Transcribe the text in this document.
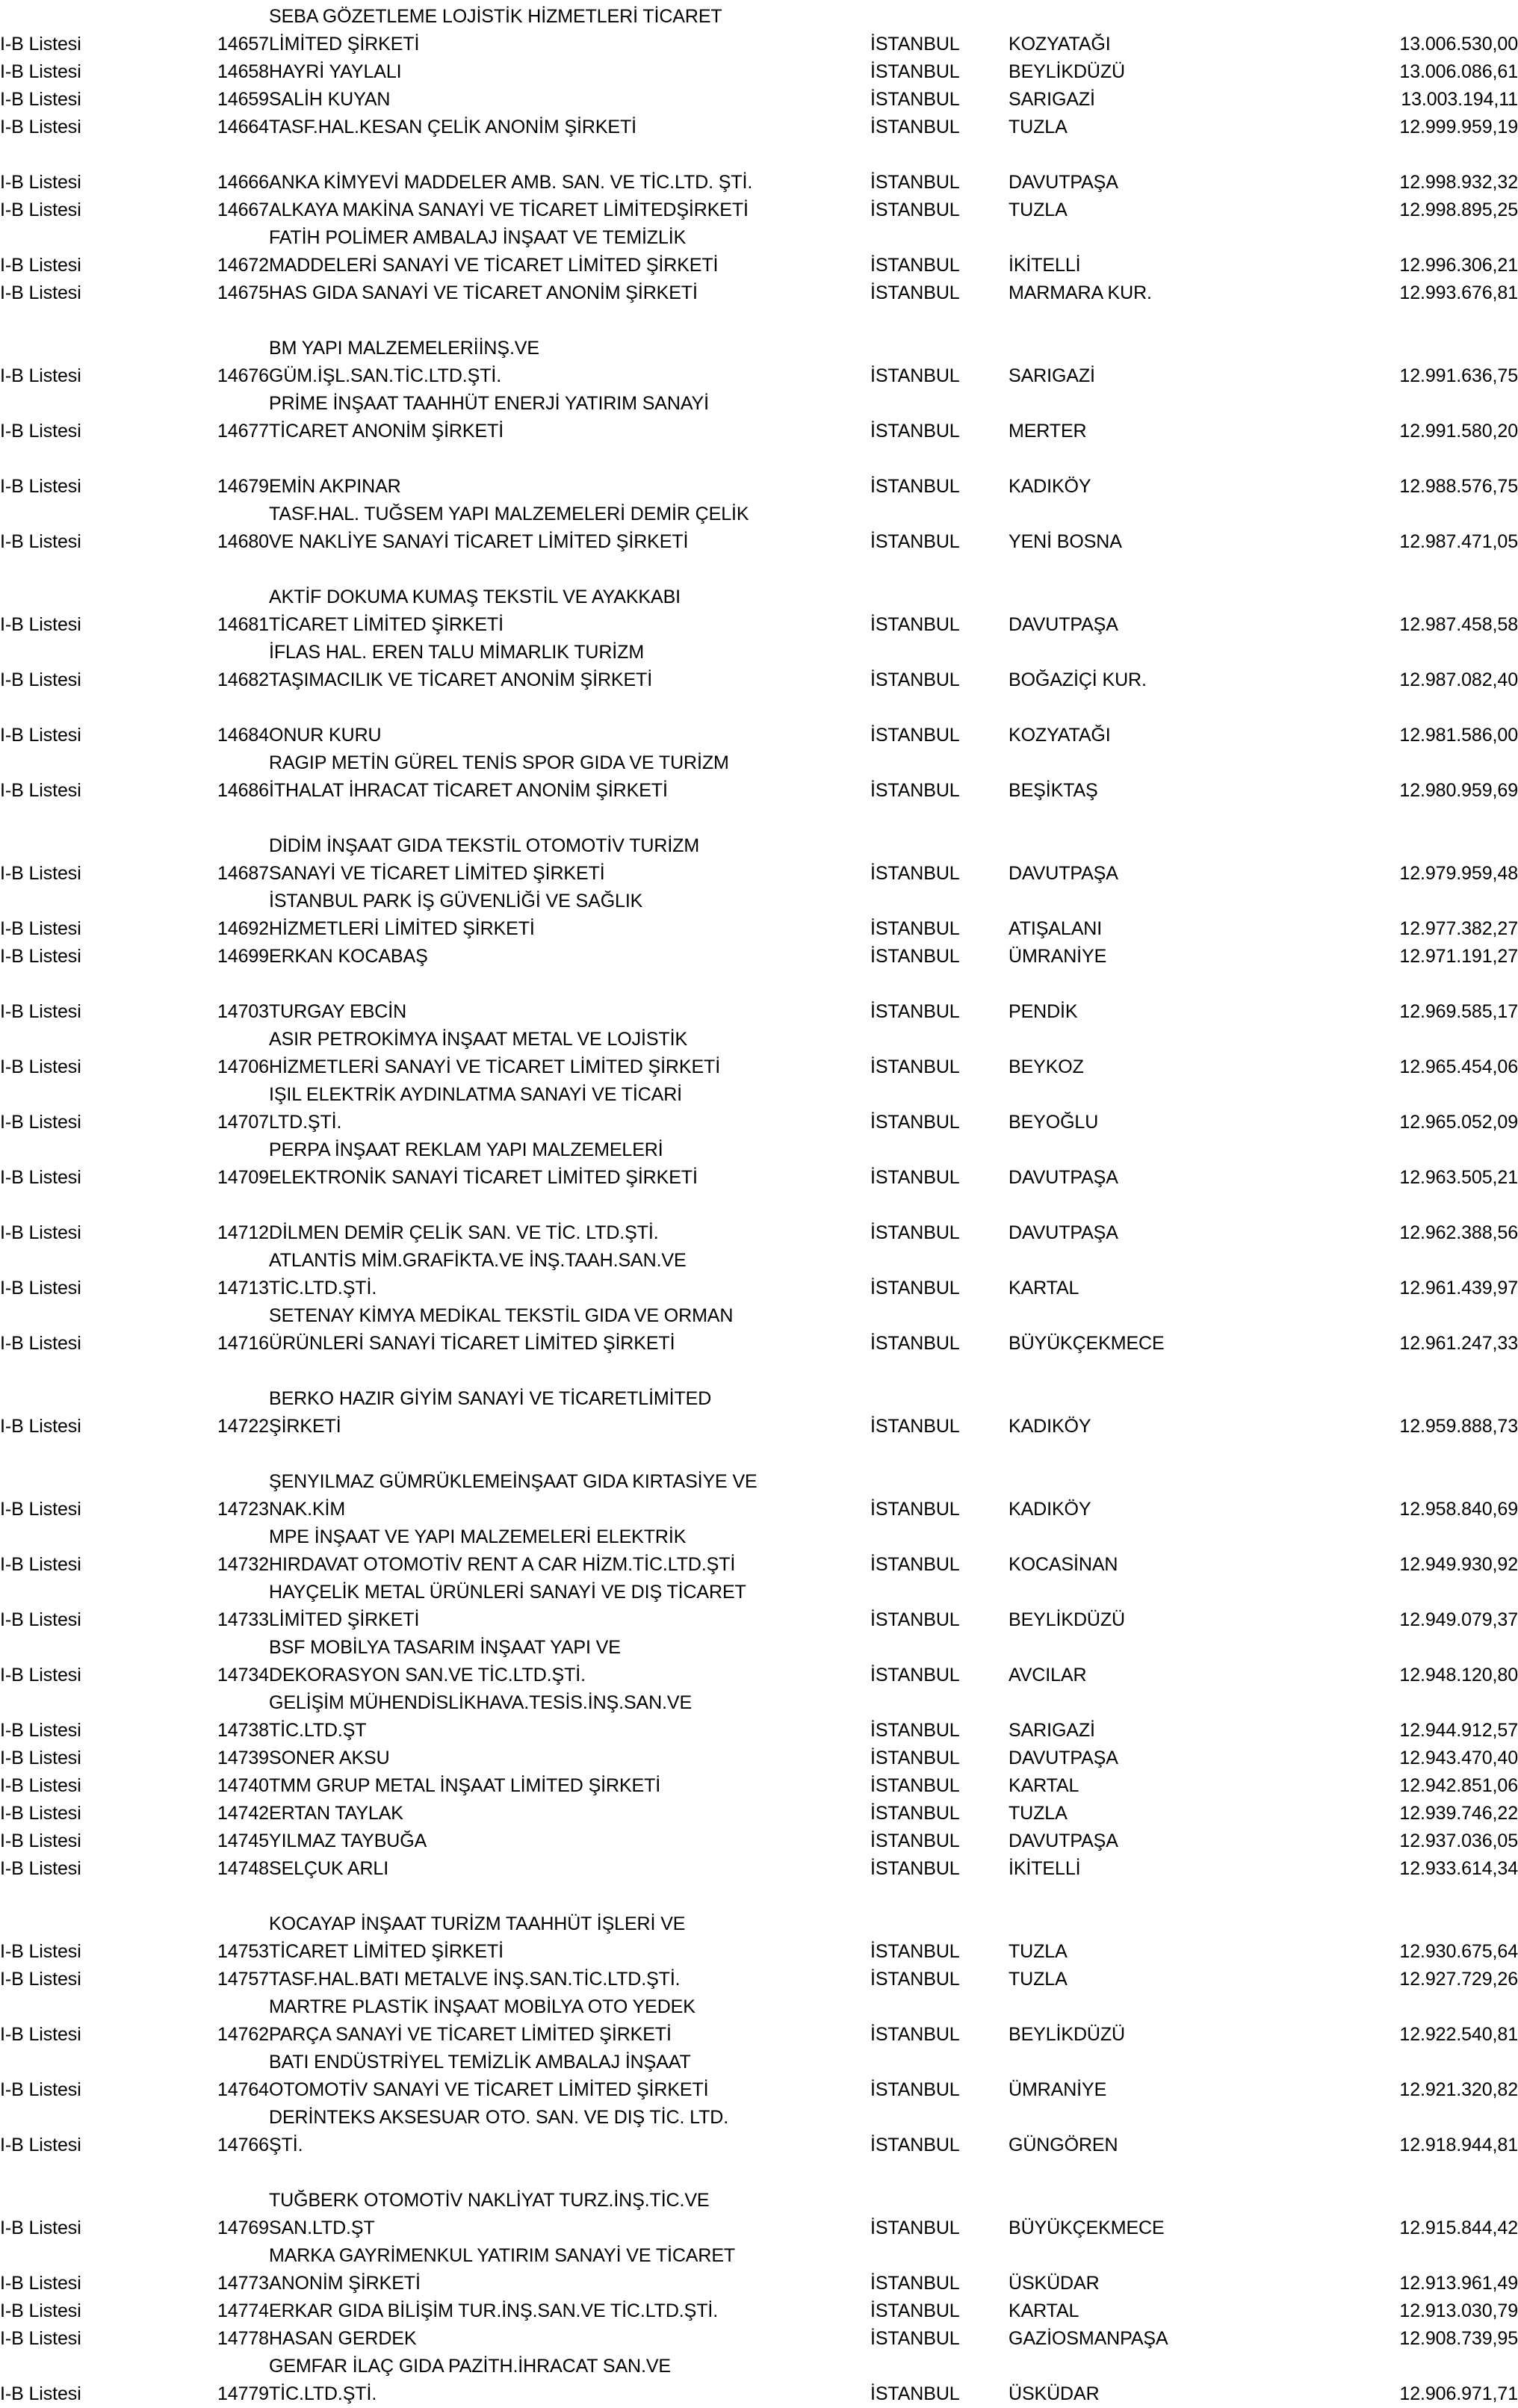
		SEBA GÖZETLEME LOJİSTİK HİZMETLERİ TİCARET			
I-B Listesi	14657	LİMİTED ŞİRKETİ	İSTANBUL	KOZYATAĞI	13.006.530,00
I-B Listesi	14658	HAYRİ YAYLALI	İSTANBUL	BEYLİKDÜZÜ	13.006.086,61
I-B Listesi	14659	SALİH KUYAN	İSTANBUL	SARIGAZİ	13.003.194,11
I-B Listesi	14664	TASF.HAL.KESAN ÇELİK ANONİM ŞİRKETİ	İSTANBUL	TUZLA	12.999.959,19

I-B Listesi	14666	ANKA KİMYEVİ MADDELER AMB. SAN. VE TİC.LTD. ŞTİ.	İSTANBUL	DAVUTPAŞA	12.998.932,32
I-B Listesi	14667	ALKAYA MAKİNA SANAYİ VE TİCARET LİMİTEDŞİRKETİ	İSTANBUL	TUZLA	12.998.895,25
		FATİH POLİMER AMBALAJ İNŞAAT VE TEMİZLİK			
I-B Listesi	14672	MADDELERİ SANAYİ VE TİCARET LİMİTED ŞİRKETİ	İSTANBUL	İKİTELLİ	12.996.306,21
I-B Listesi	14675	HAS GIDA SANAYİ VE TİCARET ANONİM ŞİRKETİ	İSTANBUL	MARMARA KUR.	12.993.676,81

		BM YAPI MALZEMELERİİNŞ.VE			
I-B Listesi	14676	GÜM.İŞL.SAN.TİC.LTD.ŞTİ.	İSTANBUL	SARIGAZİ	12.991.636,75
		PRİME İNŞAAT TAAHHÜT ENERJİ YATIRIM SANAYİ			
I-B Listesi	14677	TİCARET ANONİM ŞİRKETİ	İSTANBUL	MERTER	12.991.580,20

I-B Listesi	14679	EMİN AKPINAR	İSTANBUL	KADIKÖY	12.988.576,75
		TASF.HAL. TUĞSEM YAPI MALZEMELERİ DEMİR ÇELİK			
I-B Listesi	14680	VE NAKLİYE SANAYİ TİCARET LİMİTED ŞİRKETİ	İSTANBUL	YENİ BOSNA	12.987.471,05

		AKTİF DOKUMA KUMAŞ TEKSTİL VE AYAKKABI			
I-B Listesi	14681	TİCARET LİMİTED ŞİRKETİ	İSTANBUL	DAVUTPAŞA	12.987.458,58
		İFLAS HAL. EREN TALU MİMARLIK TURİZM			
I-B Listesi	14682	TAŞIMACILIK VE TİCARET ANONİM ŞİRKETİ	İSTANBUL	BOĞAZİÇİ KUR.	12.987.082,40

I-B Listesi	14684	ONUR KURU	İSTANBUL	KOZYATAĞI	12.981.586,00
		RAGIP METİN GÜREL TENİS SPOR GIDA VE TURİZM			
I-B Listesi	14686	İTHALAT İHRACAT TİCARET ANONİM ŞİRKETİ	İSTANBUL	BEŞİKTAŞ	12.980.959,69

		DİDİM İNŞAAT GIDA TEKSTİL OTOMOTİV TURİZM			
I-B Listesi	14687	SANAYİ VE TİCARET LİMİTED ŞİRKETİ	İSTANBUL	DAVUTPAŞA	12.979.959,48
		İSTANBUL PARK İŞ GÜVENLİĞİ VE SAĞLIK			
I-B Listesi	14692	HİZMETLERİ LİMİTED ŞİRKETİ	İSTANBUL	ATIŞALANI	12.977.382,27
I-B Listesi	14699	ERKAN KOCABAŞ	İSTANBUL	ÜMRANİYE	12.971.191,27

I-B Listesi	14703	TURGAY EBCİN	İSTANBUL	PENDİK	12.969.585,17
		ASIR PETROKİMYA İNŞAAT METAL VE LOJİSTİK			
I-B Listesi	14706	HİZMETLERİ SANAYİ VE TİCARET LİMİTED ŞİRKETİ	İSTANBUL	BEYKOZ	12.965.454,06
		IŞIL ELEKTRİK AYDINLATMA SANAYİ VE TİCARİ			
I-B Listesi	14707	LTD.ŞTİ.	İSTANBUL	BEYOĞLU	12.965.052,09
		PERPA İNŞAAT REKLAM YAPI MALZEMELERİ			
I-B Listesi	14709	ELEKTRONİK SANAYİ TİCARET LİMİTED ŞİRKETİ	İSTANBUL	DAVUTPAŞA	12.963.505,21

I-B Listesi	14712	DİLMEN DEMİR ÇELİK SAN. VE TİC. LTD.ŞTİ.	İSTANBUL	DAVUTPAŞA	12.962.388,56
		ATLANTİS MİM.GRAFİKTA.VE İNŞ.TAAH.SAN.VE			
I-B Listesi	14713	TİC.LTD.ŞTİ.	İSTANBUL	KARTAL	12.961.439,97
		SETENAY KİMYA MEDİKAL TEKSTİL GIDA VE ORMAN			
I-B Listesi	14716	ÜRÜNLERİ SANAYİ TİCARET LİMİTED ŞİRKETİ	İSTANBUL	BÜYÜKÇEKMECE	12.961.247,33

		BERKO HAZIR GİYİM SANAYİ VE TİCARETLİMİTED			
I-B Listesi	14722	ŞİRKETİ	İSTANBUL	KADIKÖY	12.959.888,73

		ŞENYILMAZ GÜMRÜKLEMEİNŞAAT GIDA KIRTASİYE VE			
I-B Listesi	14723	NAK.KİM	İSTANBUL	KADIKÖY	12.958.840,69
		MPE İNŞAAT VE YAPI MALZEMELERİ ELEKTRİK			
I-B Listesi	14732	HIRDAVAT OTOMOTİV RENT A CAR HİZM.TİC.LTD.ŞTİ	İSTANBUL	KOCASİNAN	12.949.930,92
		HAYÇELİK METAL ÜRÜNLERİ SANAYİ VE DIŞ TİCARET			
I-B Listesi	14733	LİMİTED ŞİRKETİ	İSTANBUL	BEYLİKDÜZÜ	12.949.079,37
		BSF MOBİLYA TASARIM İNŞAAT YAPI VE			
I-B Listesi	14734	DEKORASYON SAN.VE TİC.LTD.ŞTİ.	İSTANBUL	AVCILAR	12.948.120,80
		GELİŞİM MÜHENDİSLİKHAVA.TESİS.İNŞ.SAN.VE			
I-B Listesi	14738	TİC.LTD.ŞT	İSTANBUL	SARIGAZİ	12.944.912,57
I-B Listesi	14739	SONER AKSU	İSTANBUL	DAVUTPAŞA	12.943.470,40
I-B Listesi	14740	TMM GRUP METAL İNŞAAT LİMİTED ŞİRKETİ	İSTANBUL	KARTAL	12.942.851,06
I-B Listesi	14742	ERTAN TAYLAK	İSTANBUL	TUZLA	12.939.746,22
I-B Listesi	14745	YILMAZ TAYBUĞA	İSTANBUL	DAVUTPAŞA	12.937.036,05
I-B Listesi	14748	SELÇUK ARLI	İSTANBUL	İKİTELLİ	12.933.614,34

		KOCAYAP İNŞAAT TURİZM TAAHHÜT İŞLERİ VE			
I-B Listesi	14753	TİCARET LİMİTED ŞİRKETİ	İSTANBUL	TUZLA	12.930.675,64
I-B Listesi	14757	TASF.HAL.BATI METALVE İNŞ.SAN.TİC.LTD.ŞTİ.	İSTANBUL	TUZLA	12.927.729,26
		MARTRE PLASTİK İNŞAAT MOBİLYA OTO YEDEK			
I-B Listesi	14762	PARÇA SANAYİ VE TİCARET LİMİTED ŞİRKETİ	İSTANBUL	BEYLİKDÜZÜ	12.922.540,81
		BATI ENDÜSTRİYEL TEMİZLİK AMBALAJ İNŞAAT			
I-B Listesi	14764	OTOMOTİV SANAYİ VE TİCARET LİMİTED ŞİRKETİ	İSTANBUL	ÜMRANİYE	12.921.320,82
		DERİNTEKS AKSESUAR OTO. SAN. VE DIŞ TİC. LTD.			
I-B Listesi	14766	ŞTİ.	İSTANBUL	GÜNGÖREN	12.918.944,81

		TUĞBERK OTOMOTİV NAKLİYAT TURZ.İNŞ.TİC.VE			
I-B Listesi	14769	SAN.LTD.ŞT	İSTANBUL	BÜYÜKÇEKMECE	12.915.844,42
		MARKA GAYRİMENKUL YATIRIM SANAYİ VE TİCARET			
I-B Listesi	14773	ANONİM ŞİRKETİ	İSTANBUL	ÜSKÜDAR	12.913.961,49
I-B Listesi	14774	ERKAR GIDA BİLİŞİM TUR.İNŞ.SAN.VE TİC.LTD.ŞTİ.	İSTANBUL	KARTAL	12.913.030,79
I-B Listesi	14778	HASAN GERDEK	İSTANBUL	GAZİOSMANPAŞA	12.908.739,95
		GEMFAR İLAÇ GIDA PAZİTH.İHRACAT SAN.VE			
I-B Listesi	14779	TİC.LTD.ŞTİ.	İSTANBUL	ÜSKÜDAR	12.906.971,71
